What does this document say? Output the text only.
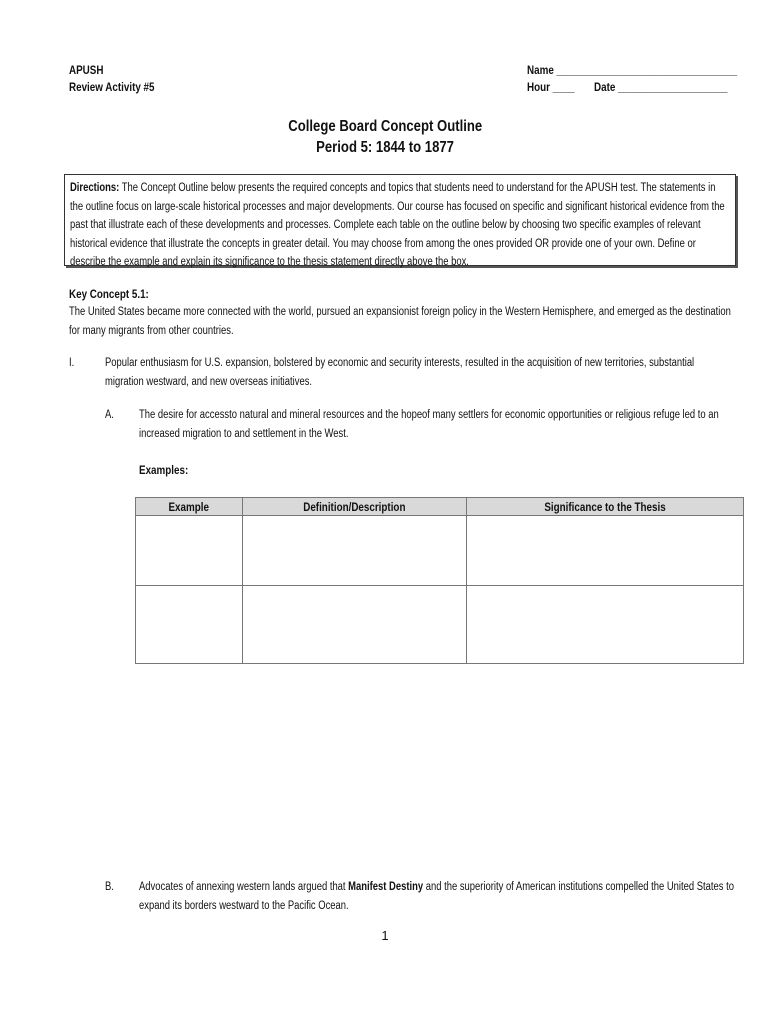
APUSH
Review Activity #5
Name _________________________________
Hour ____ Date ____________________
College Board Concept Outline
Period 5: 1844 to 1877
Directions: The Concept Outline below presents the required concepts and topics that students need to understand for the APUSH test. The statements in the outline focus on large-scale historical processes and major developments. Our course has focused on specific and significant historical evidence from the past that illustrate each of these developments and processes. Complete each table on the outline below by choosing two specific examples of relevant historical evidence that illustrate the concepts in greater detail. You may choose from among the ones provided OR provide one of your own. Define or describe the example and explain its significance to the thesis statement directly above the box.
Key Concept 5.1:
The United States became more connected with the world, pursued an expansionist foreign policy in the Western Hemisphere, and emerged as the destination for many migrants from other countries.
I.	Popular enthusiasm for U.S. expansion, bolstered by economic and security interests, resulted in the acquisition of new territories, substantial migration westward, and new overseas initiatives.
A. The desire for accessto natural and mineral resources and the hopeof many settlers for economic opportunities or religious refuge led to an increased migration to and settlement in the West.
Examples:
Example	Definition/Description	Significance to the Thesis

B. Advocates of annexing western lands argued that Manifest Destiny and the superiority of American institutions compelled the United States to expand its borders westward to the Pacific Ocean.
1
